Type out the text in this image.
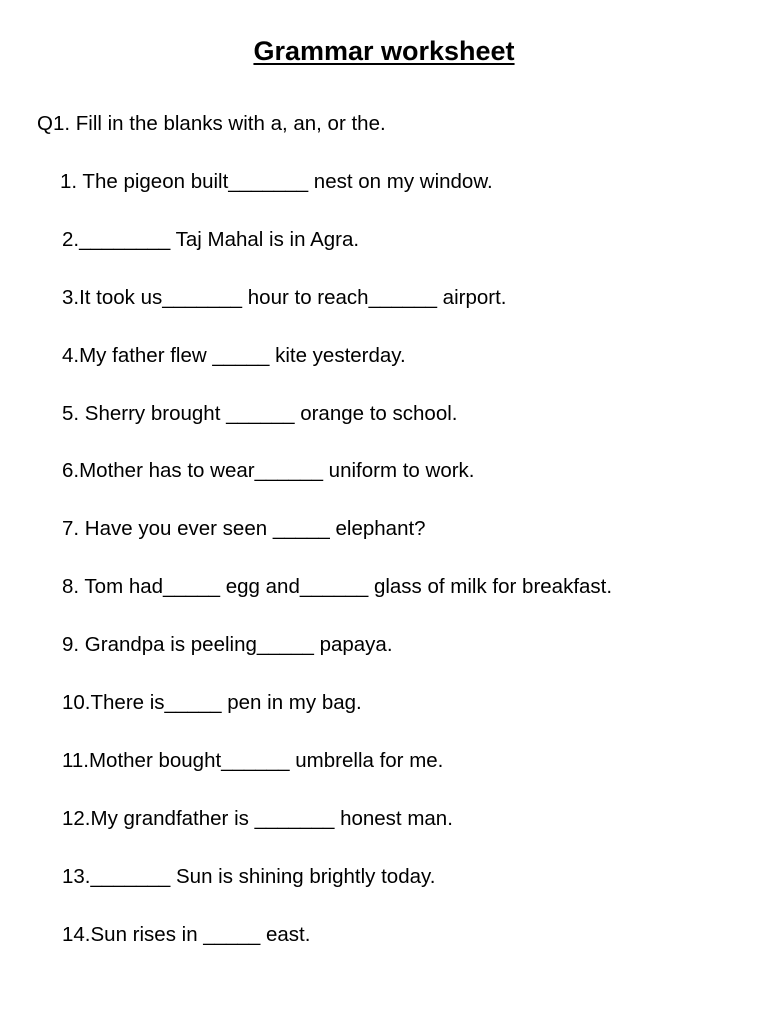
Grammar worksheet

Q1. Fill in the blanks with a, an, or the.

1. The pigeon built_______ nest on my window.
2.________ Taj Mahal is in Agra.
3.It took us_______ hour to reach______ airport.
4.My father flew _____ kite yesterday.
5. Sherry brought ______ orange to school.
6.Mother has to wear______ uniform to work.
7. Have you ever seen _____ elephant?
8. Tom had_____ egg and______ glass of milk for breakfast.
9. Grandpa is peeling_____ papaya.
10.There is_____ pen in my bag.
11.Mother bought______ umbrella for me.
12.My grandfather is _______ honest man.
13._______ Sun is shining brightly today.
14.Sun rises in _____ east.
